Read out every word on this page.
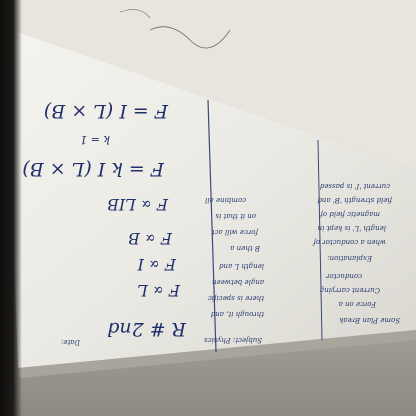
R # 2nd
Date:
F ∝ L
F ∝ I
F ∝ B
F ∝ LIB
F = k I (L × B)
k = 1
F = I (L × B)
Subject: Physics
through it, and
there is specific
angle between
length L and
B then a
force will act
on it that is
combine all
Force on a
Current carrying
conductor
Explanation:
when a conductor of
length 'L' is kept in
magnetic field of
field strength 'B' and
current 'I' is passed
Some Plan Break
